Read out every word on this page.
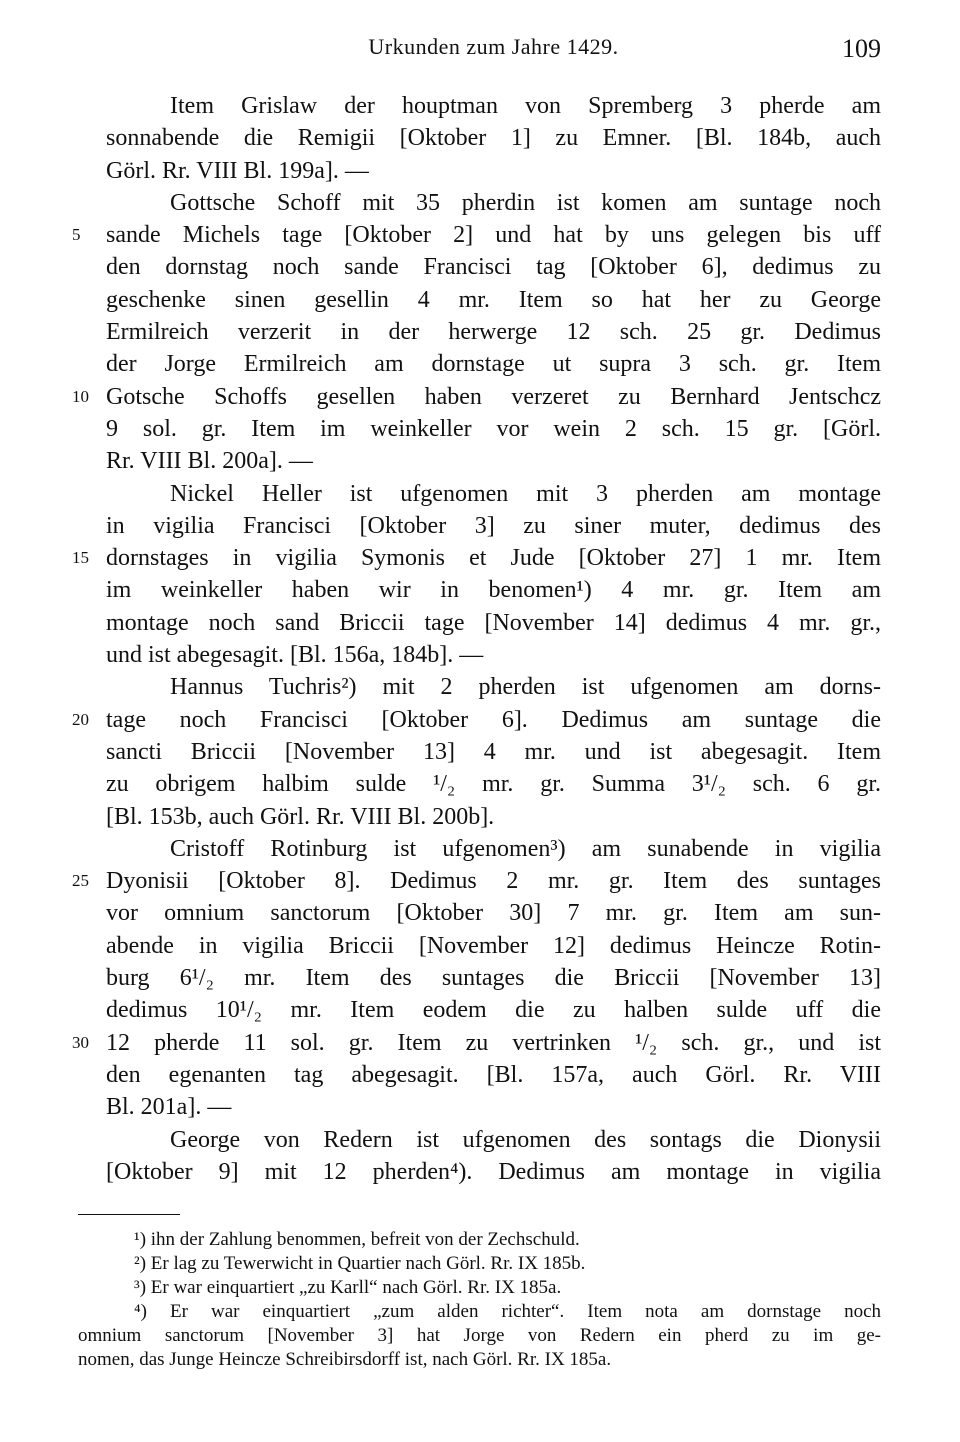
Urkunden zum Jahre 1429.	109
Item Grislaw der houptman von Spremberg 3 pherde am
sonnabende die Remigii [Oktober 1] zu Emner. [Bl. 184b, auch
Görl. Rr. VIII Bl. 199a]. —
Gottsche Schoff mit 35 pherdin ist komen am suntage noch
5	sande Michels tage [Oktober 2] und hat by uns gelegen bis uff
den dornstag noch sande Francisci tag [Oktober 6], dedimus zu
geschenke sinen gesellin 4 mr. Item so hat her zu George
Ermilreich verzerit in der herwerge 12 sch. 25 gr. Dedimus
der Jorge Ermilreich am dornstage ut supra 3 sch. gr. Item
10 Gotsche Schoffs gesellen haben verzeret zu Bernhard Jentschcz
9 sol. gr. Item im weinkeller vor wein 2 sch. 15 gr. [Görl.
Rr. VIII Bl. 200a]. —
Nickel Heller ist ufgenomen mit 3 pherden am montage
in vigilia Francisci [Oktober 3] zu siner muter, dedimus des
15 dornstages in vigilia Symonis et Jude [Oktober 27] 1 mr. Item
im weinkeller haben wir in benomen¹) 4 mr. gr. Item am
montage noch sand Briccii tage [November 14] dedimus 4 mr. gr.,
und ist abegesagit. [Bl. 156a, 184b]. —
Hannus Tuchris²) mit 2 pherden ist ufgenomen am dorns-
20 tage noch Francisci [Oktober 6]. Dedimus am suntage die
sancti Briccii [November 13] 4 mr. und ist abegesagit. Item
zu obrigem halbim sulde ¹/₂ mr. gr. Summa 3¹/₂ sch. 6 gr.
[Bl. 153b, auch Görl. Rr. VIII Bl. 200b].
Cristoff Rotinburg ist ufgenomen³) am sunabende in vigilia
25 Dyonisii [Oktober 8]. Dedimus 2 mr. gr. Item des suntages
vor omnium sanctorum [Oktober 30] 7 mr. gr. Item am sun-
abende in vigilia Briccii [November 12] dedimus Heincze Rotin-
burg 6¹/₂ mr. Item des suntages die Briccii [November 13]
dedimus 10¹/₂ mr. Item eodem die zu halben sulde uff die
30 12 pherde 11 sol. gr. Item zu vertrinken ¹/₂ sch. gr., und ist
den egenanten tag abegesagit. [Bl. 157a, auch Görl. Rr. VIII
Bl. 201a]. —
George von Redern ist ufgenomen des sontags die Dionysii
[Oktober 9] mit 12 pherden⁴). Dedimus am montage in vigilia
¹) ihn der Zahlung benommen, befreit von der Zechschuld.
²) Er lag zu Tewerwicht in Quartier nach Görl. Rr. IX 185b.
³) Er war einquartiert „zu Karll“ nach Görl. Rr. IX 185a.
⁴) Er war einquartiert „zum alden richter“. Item nota am dornstage noch
omnium sanctorum [November 3] hat Jorge von Redern ein pherd zu im ge-
nomen, das Junge Heincze Schreibirsdorff ist, nach Görl. Rr. IX 185a.
